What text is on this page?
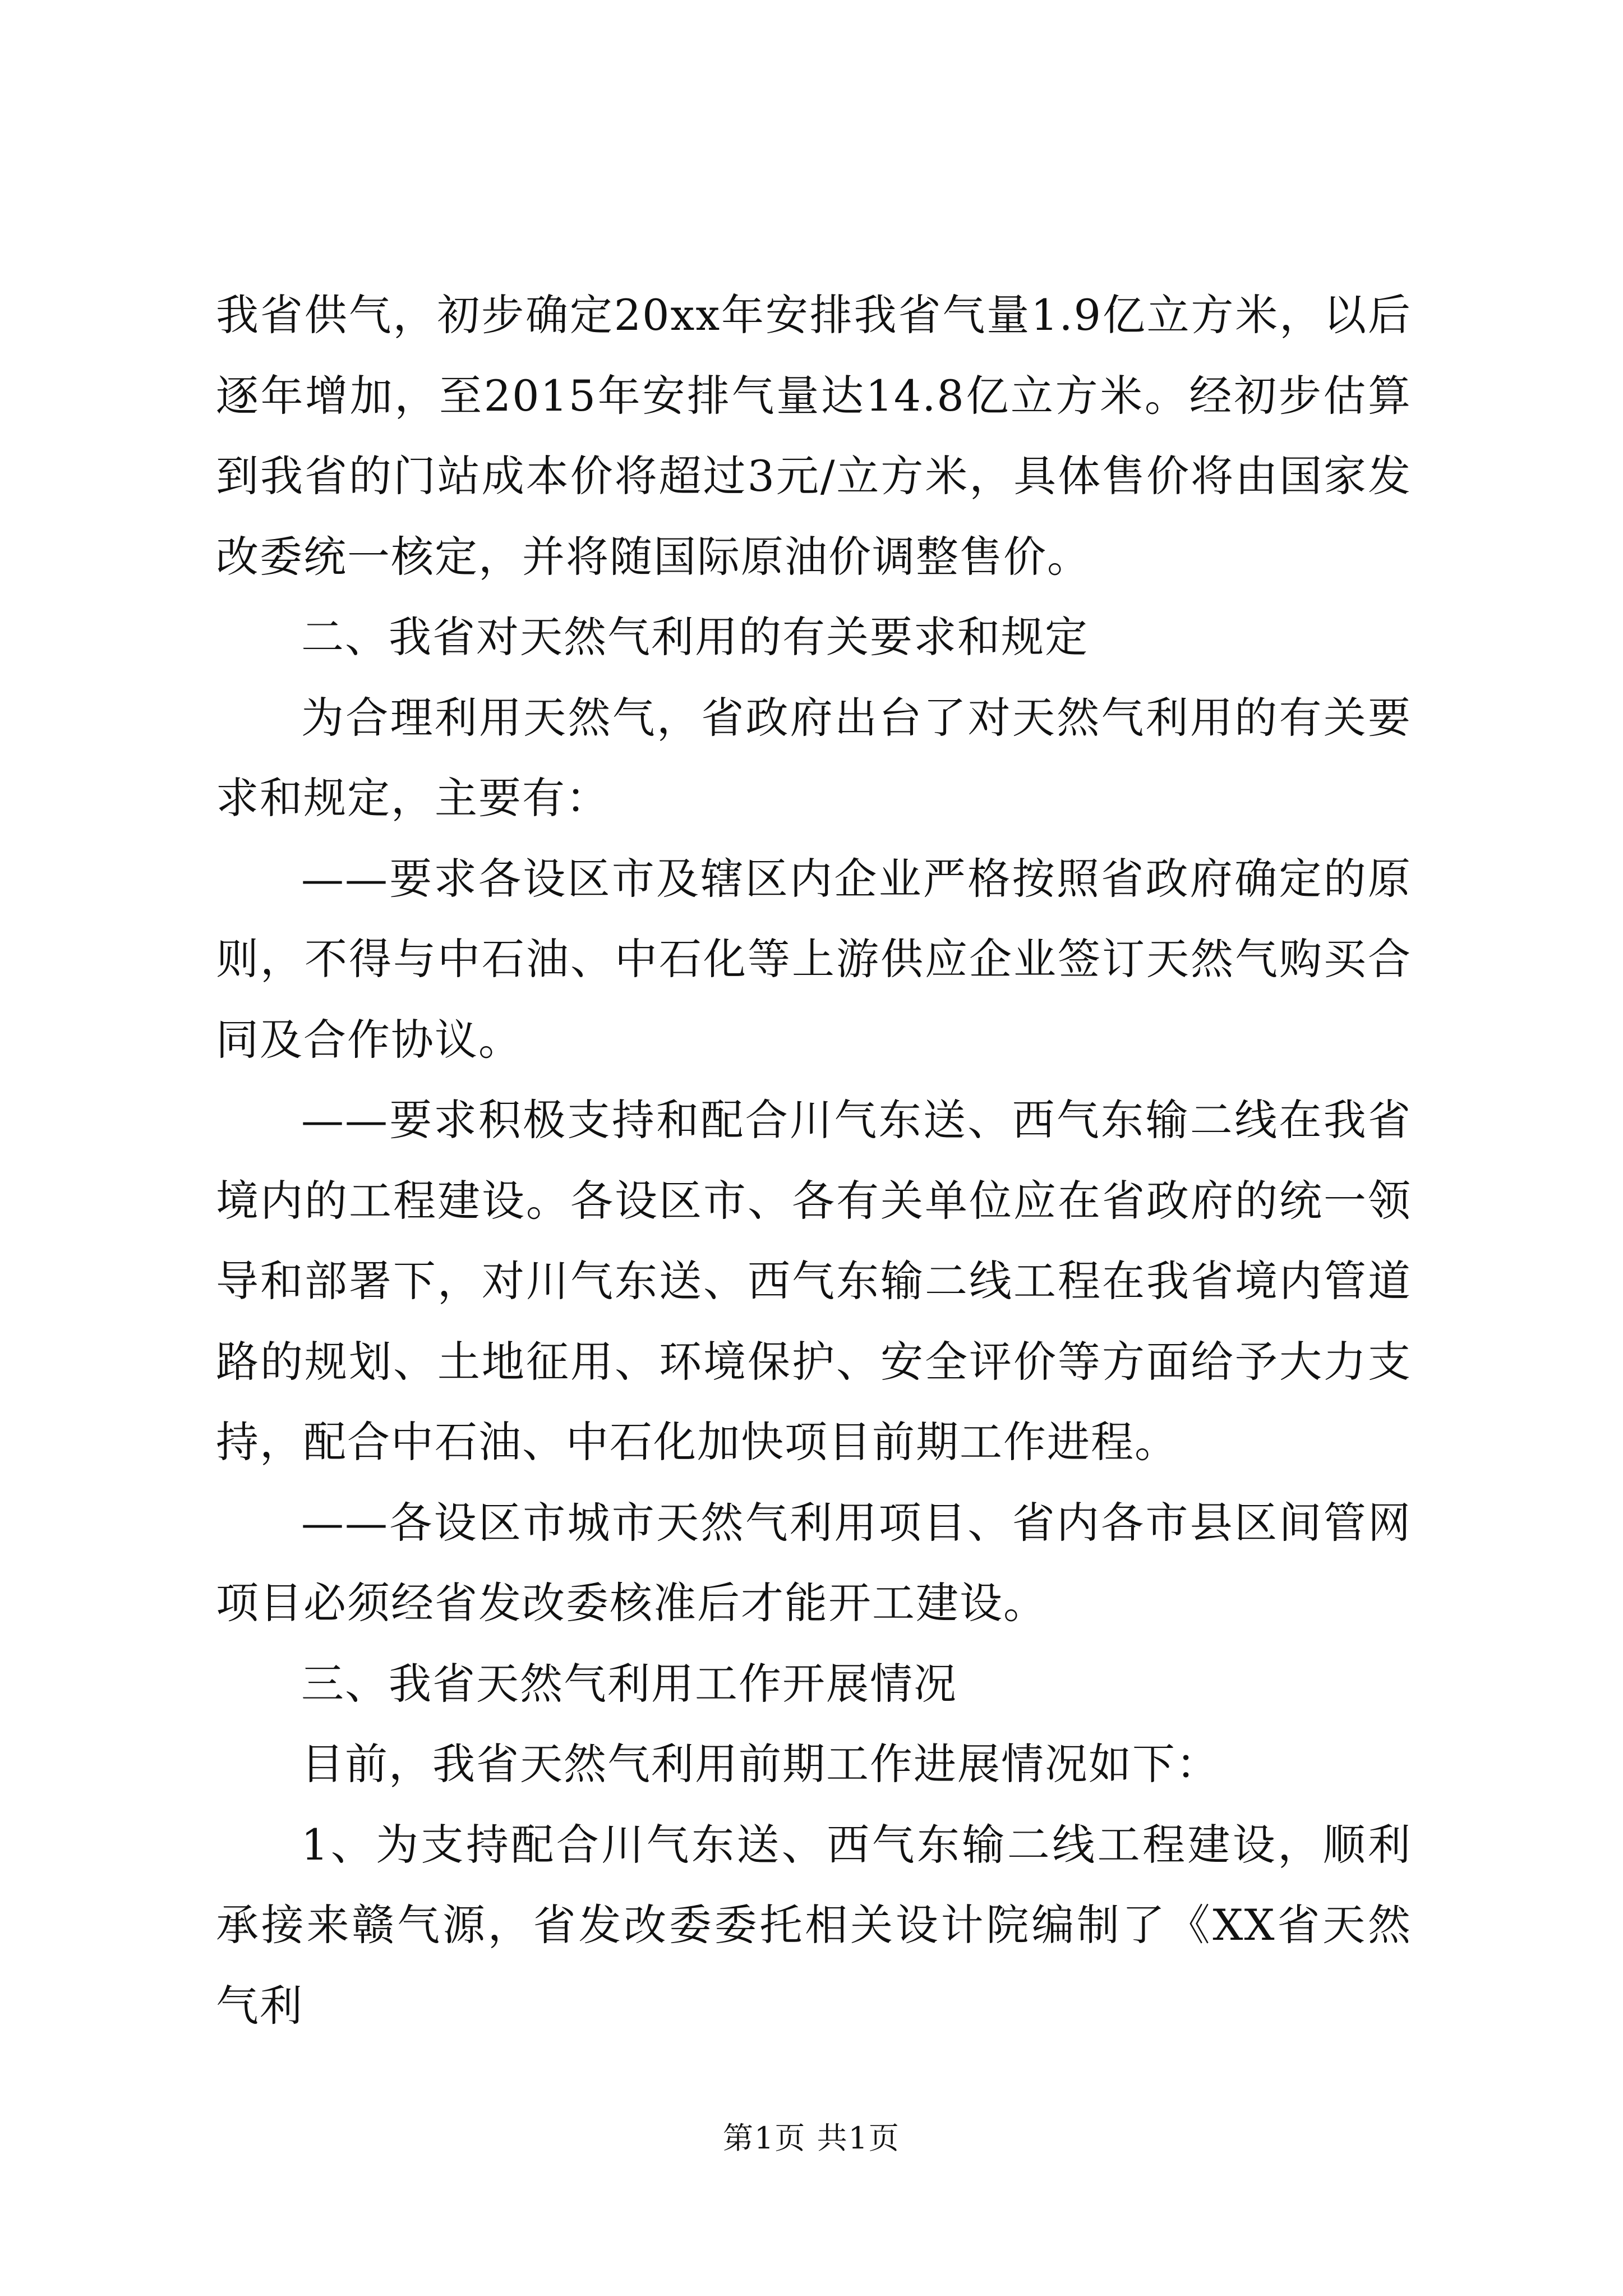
我省供气，初步确定20xx年安排我省气量1.9亿立方米，以后逐年增加，至2015年安排气量达14.8亿立方米。经初步估算到我省的门站成本价将超过3元/立方米，具体售价将由国家发改委统一核定，并将随国际原油价调整售价。

二、我省对天然气利用的有关要求和规定

为合理利用天然气，省政府出台了对天然气利用的有关要求和规定，主要有：

——要求各设区市及辖区内企业严格按照省政府确定的原则，不得与中石油、中石化等上游供应企业签订天然气购买合同及合作协议。

——要求积极支持和配合川气东送、西气东输二线在我省境内的工程建设。各设区市、各有关单位应在省政府的统一领导和部署下，对川气东送、西气东输二线工程在我省境内管道路的规划、土地征用、环境保护、安全评价等方面给予大力支持，配合中石油、中石化加快项目前期工作进程。

——各设区市城市天然气利用项目、省内各市县区间管网项目必须经省发改委核准后才能开工建设。

三、我省天然气利用工作开展情况

目前，我省天然气利用前期工作进展情况如下：

1、为支持配合川气东送、西气东输二线工程建设，顺利承接来赣气源，省发改委委托相关设计院编制了《XX省天然气利

第1页 共1页
